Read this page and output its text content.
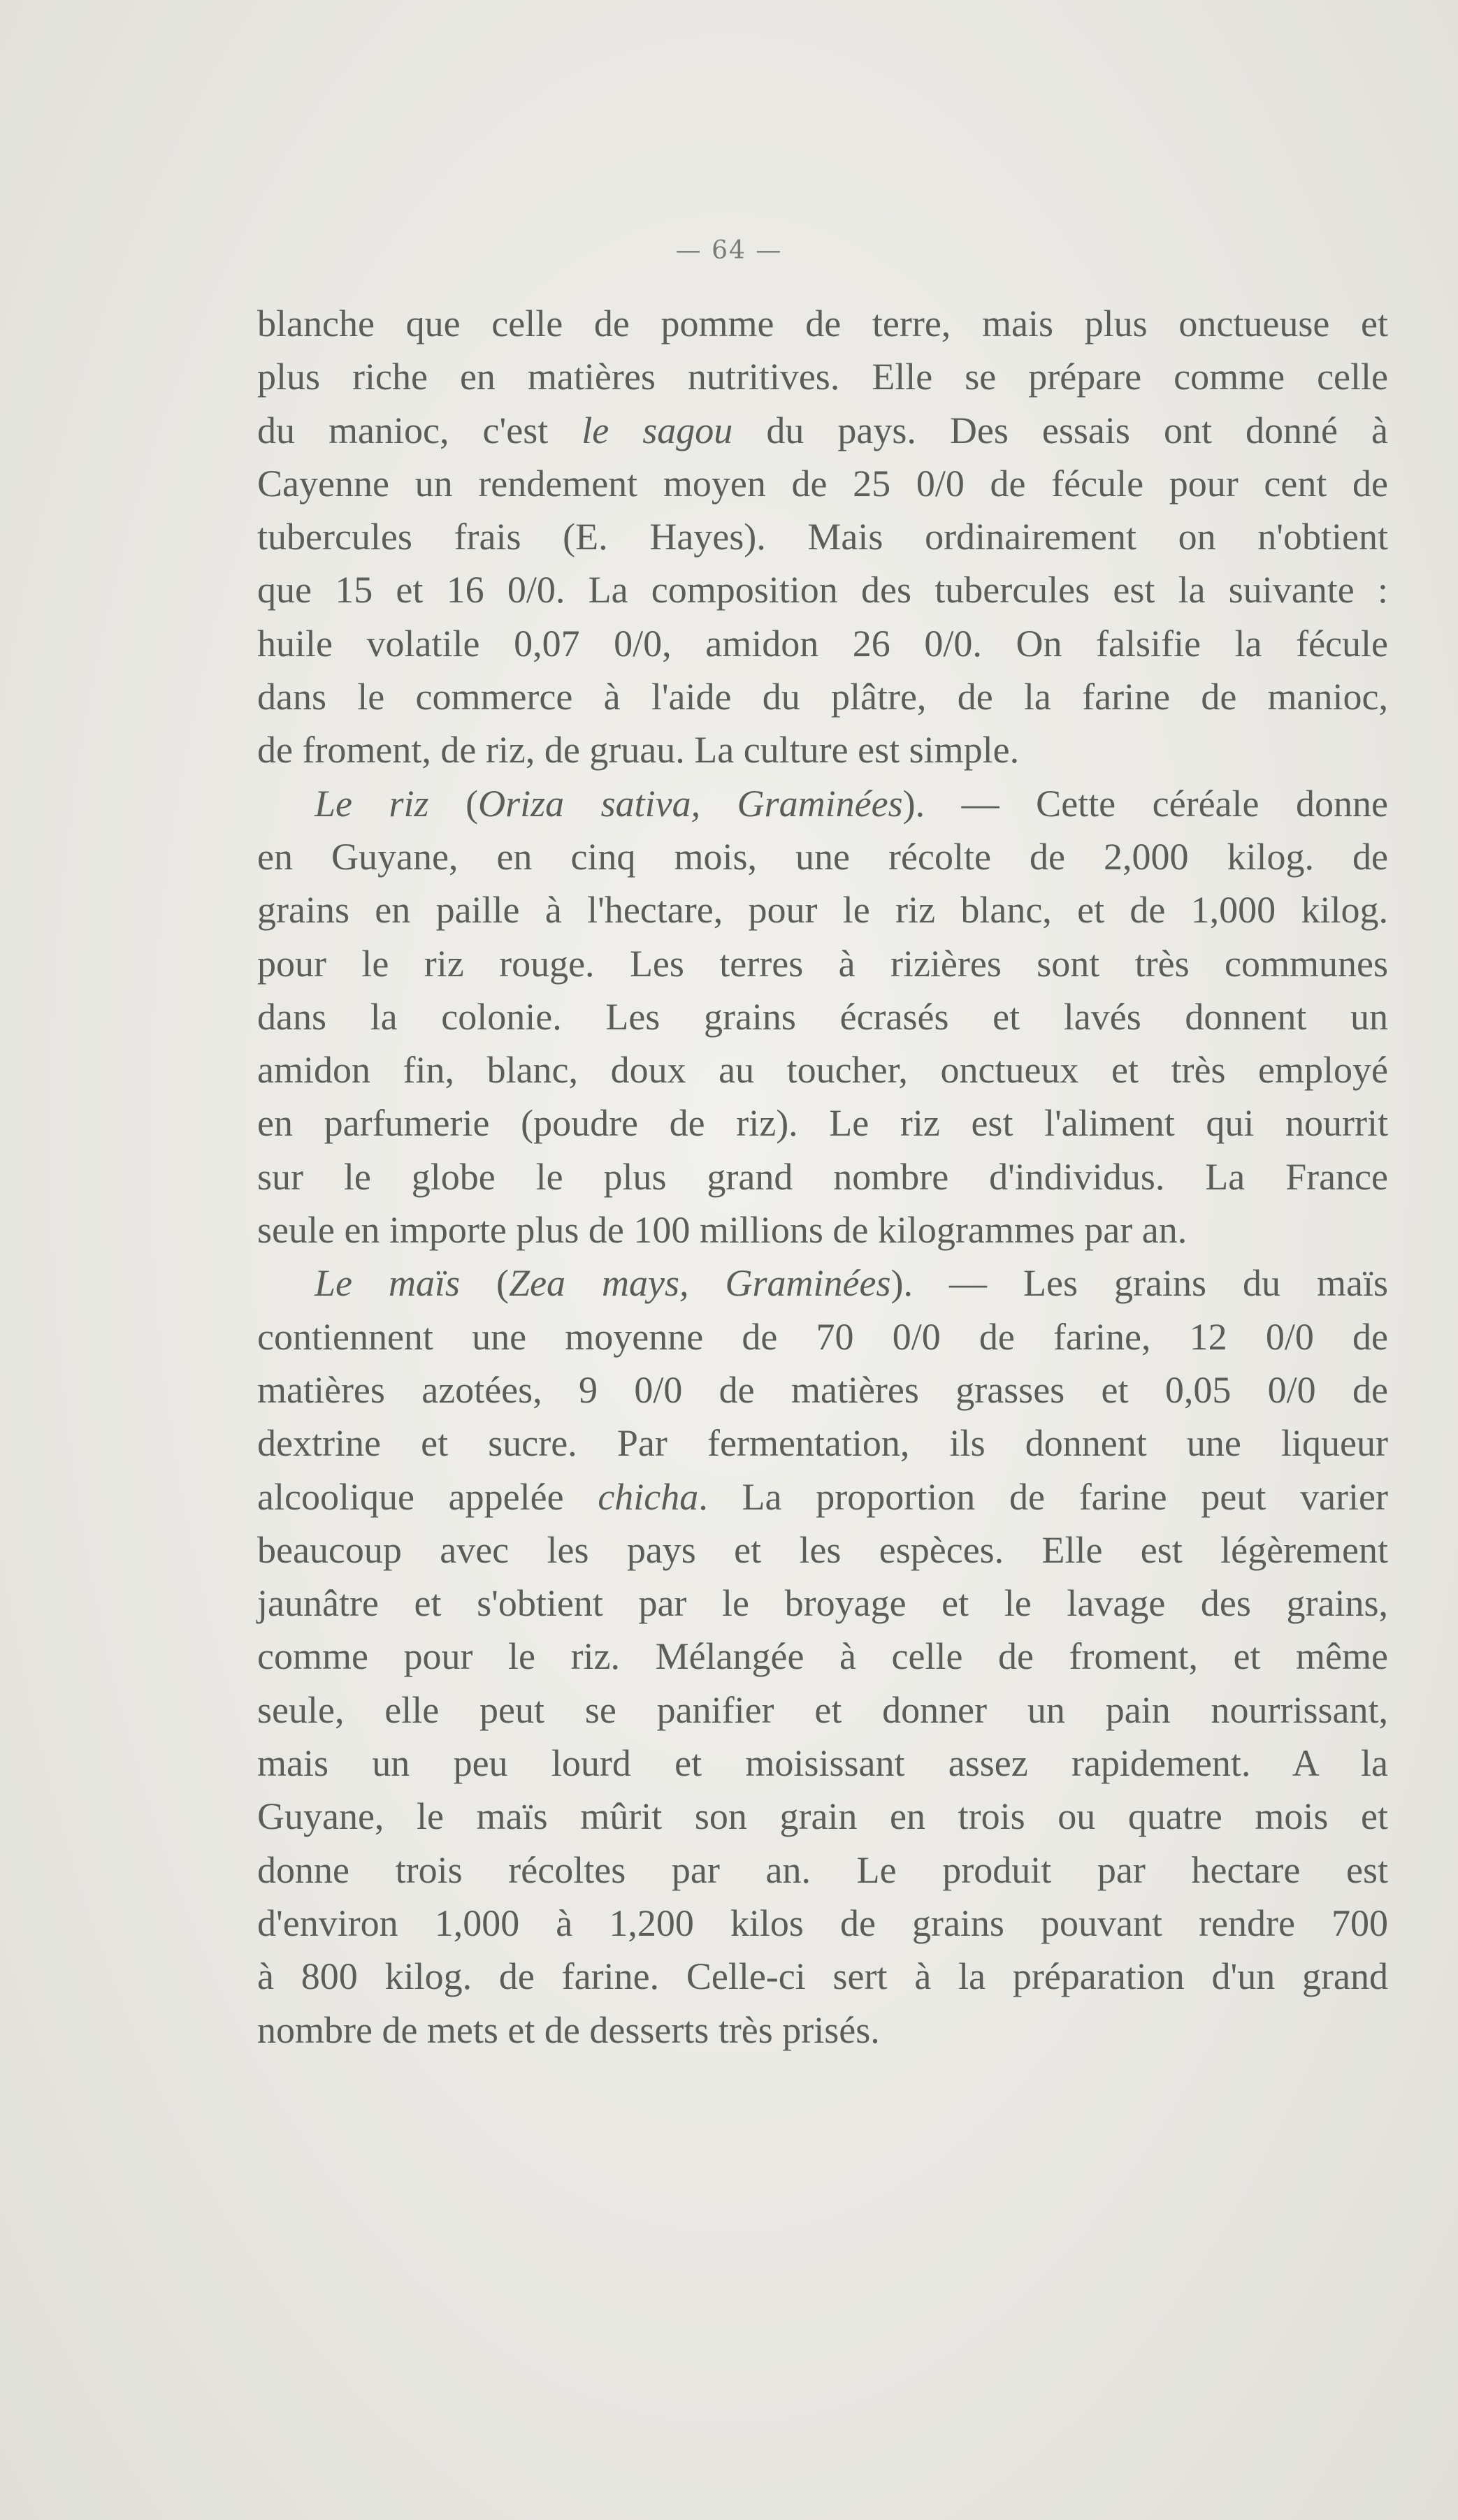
— 64 —
blanche que celle de pomme de terre, mais plus onctueuse et
plus riche en matières nutritives. Elle se prépare comme celle
du manioc, c'est le sagou du pays. Des essais ont donné à
Cayenne un rendement moyen de 25 0/0 de fécule pour cent de
tubercules frais (E. Hayes). Mais ordinairement on n'obtient
que 15 et 16 0/0. La composition des tubercules est la suivante :
huile volatile 0,07 0/0, amidon 26 0/0. On falsifie la fécule
dans le commerce à l'aide du plâtre, de la farine de manioc,
de froment, de riz, de gruau. La culture est simple.
Le riz (Oriza sativa, Graminées). — Cette céréale donne
en Guyane, en cinq mois, une récolte de 2,000 kilog. de
grains en paille à l'hectare, pour le riz blanc, et de 1,000 kilog.
pour le riz rouge. Les terres à rizières sont très communes
dans la colonie. Les grains écrasés et lavés donnent un
amidon fin, blanc, doux au toucher, onctueux et très employé
en parfumerie (poudre de riz). Le riz est l'aliment qui nourrit
sur le globe le plus grand nombre d'individus. La France
seule en importe plus de 100 millions de kilogrammes par an.
Le maïs (Zea mays, Graminées). — Les grains du maïs
contiennent une moyenne de 70 0/0 de farine, 12 0/0 de
matières azotées, 9 0/0 de matières grasses et 0,05 0/0 de
dextrine et sucre. Par fermentation, ils donnent une liqueur
alcoolique appelée chicha. La proportion de farine peut varier
beaucoup avec les pays et les espèces. Elle est légèrement
jaunâtre et s'obtient par le broyage et le lavage des grains,
comme pour le riz. Mélangée à celle de froment, et même
seule, elle peut se panifier et donner un pain nourrissant,
mais un peu lourd et moisissant assez rapidement. A la
Guyane, le maïs mûrit son grain en trois ou quatre mois et
donne trois récoltes par an. Le produit par hectare est
d'environ 1,000 à 1,200 kilos de grains pouvant rendre 700
à 800 kilog. de farine. Celle-ci sert à la préparation d'un grand
nombre de mets et de desserts très prisés.
